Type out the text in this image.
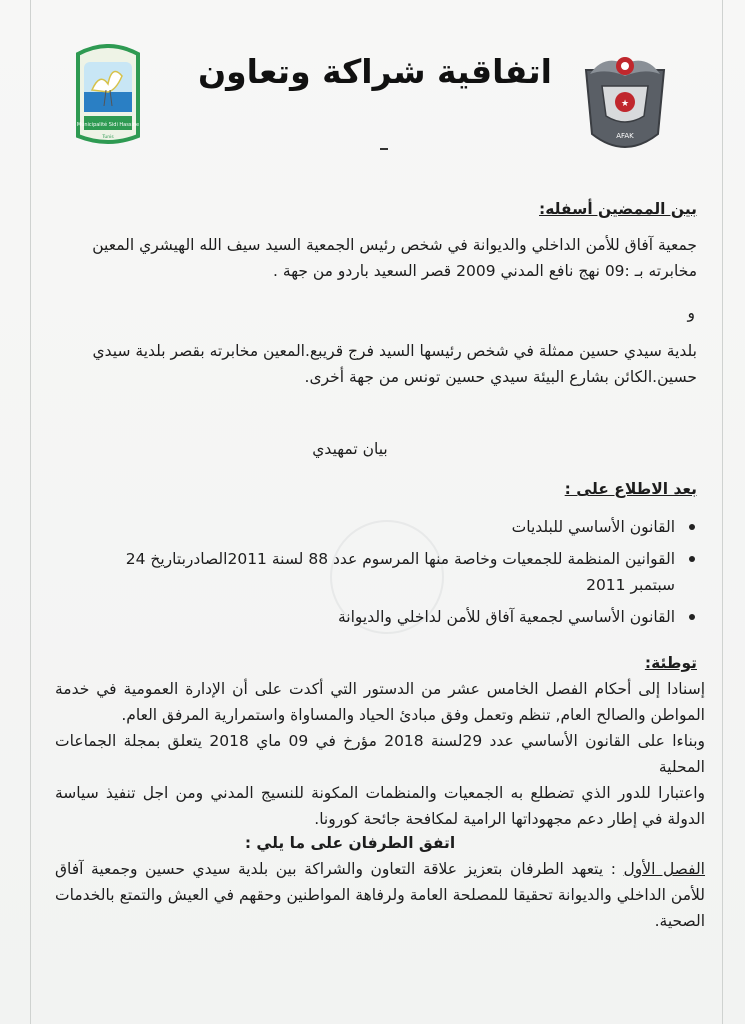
Municipalité Sidi Hassine
Tunis
اتفاقية شراكة وتعاون
★
AFAK
بين الممضين أسفله:
جمعية آفاق للأمن الداخلي والديوانة في شخص رئيس الجمعية السيد سيف الله الهيشري المعين مخابرته بـ :09 نهج نافع المدني 2009 قصر السعيد باردو من جهة .
و
بلدية سيدي حسين ممثلة في شخص رئيسها السيد فرج قريبع.المعين مخابرته بقصر بلدية سيدي حسين.الكائن بشارع البيئة سيدي حسين تونس من جهة أخرى.
بيان تمهيدي
بعد الاطلاع على :
القانون الأساسي للبلديات
القوانين المنظمة للجمعيات وخاصة منها المرسوم عدد 88 لسنة 2011الصادربتاريخ 24 سبتمبر 2011
القانون الأساسي لجمعية آفاق للأمن لداخلي والديوانة
توطئة:
إسنادا إلى أحكام الفصل الخامس عشر من الدستور التي أكدت على أن الإدارة العمومية في خدمة المواطن والصالح العام, تنظم وتعمل وفق مبادئ الحياد والمساواة واستمرارية المرفق العام.
وبناءا على القانون الأساسي عدد 29لسنة 2018 مؤرخ في 09 ماي 2018 يتعلق بمجلة الجماعات المحلية
واعتبارا للدور الذي تضطلع به الجمعيات والمنظمات المكونة للنسيج المدني ومن اجل تنفيذ سياسة الدولة في إطار دعم مجهوداتها الرامية لمكافحة جائحة كورونا.
اتفق الطرفان على ما يلي :
الفصل الأول : يتعهد الطرفان بتعزيز علاقة التعاون والشراكة بين بلدية سيدي حسين وجمعية آفاق للأمن الداخلي والديوانة تحقيقا للمصلحة العامة ولرفاهة المواطنين وحقهم في العيش والتمتع بالخدمات الصحية.
